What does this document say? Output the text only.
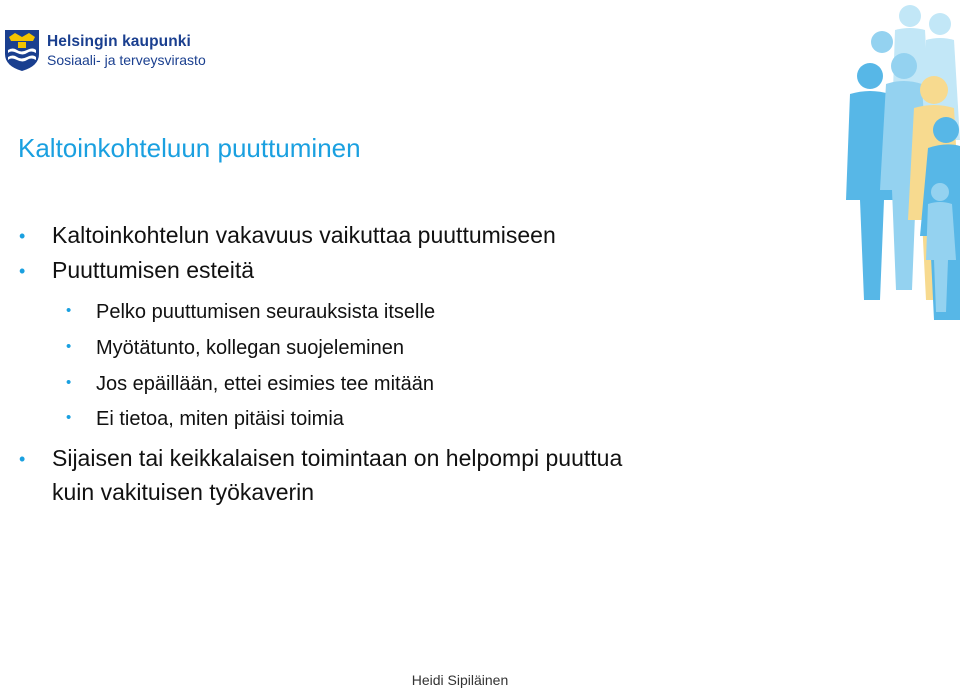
Helsingin kaupunki
Sosiaali- ja terveysvirasto
Kaltoinkohteluun puuttuminen
• Kaltoinkohtelun vakavuus vaikuttaa puuttumiseen
• Puuttumisen esteitä
• Pelko puuttumisen seurauksista itselle
• Myötätunto, kollegan suojeleminen
• Jos epäillään, ettei esimies tee mitään
• Ei tietoa, miten pitäisi toimia
• Sijaisen tai keikkalaisen toimintaan on helpompi puuttua
kuin vakituisen työkaverin
Heidi Sipiläinen
